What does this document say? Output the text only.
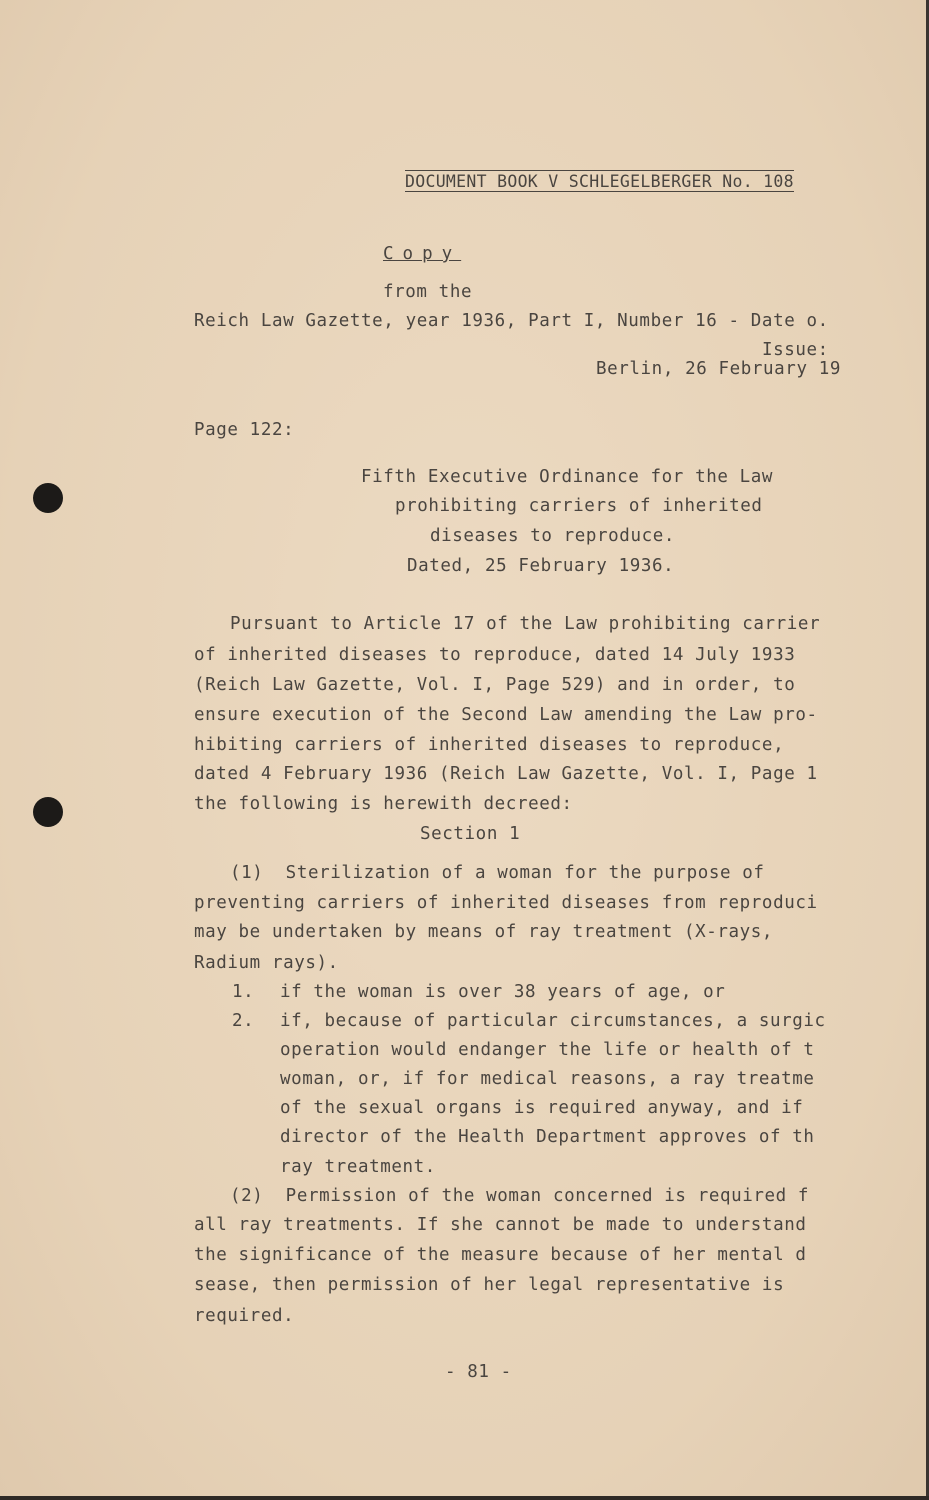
DOCUMENT BOOK V SCHLEGELBERGER No. 108
Copy
from the
Reich Law Gazette, year 1936, Part I, Number 16 - Date o.
Issue:
Berlin, 26 February 19
Page 122:
Fifth Executive Ordinance for the Law
prohibiting carriers of inherited
diseases to reproduce.
Dated, 25 February 1936.
Pursuant to Article 17 of the Law prohibiting carrier
of inherited diseases to reproduce, dated 14 July 1933
(Reich Law Gazette, Vol. I, Page 529) and in order, to
ensure execution of the Second Law amending the Law pro-
hibiting carriers of inherited diseases to reproduce,
dated 4 February 1936 (Reich Law Gazette, Vol. I, Page 1
the following is herewith decreed:
Section 1
(1)  Sterilization of a woman for the purpose of
preventing carriers of inherited diseases from reproduci
may be undertaken by means of ray treatment (X-rays,
Radium rays).
1. if the woman is over 38 years of age, or
2. if, because of particular circumstances, a surgic
operation would endanger the life or health of t
woman, or, if for medical reasons, a ray treatme
of the sexual organs is required anyway, and if
director of the Health Department approves of th
ray treatment.
(2)  Permission of the woman concerned is required f
all ray treatments. If she cannot be made to understand
the significance of the measure because of her mental d
sease, then permission of her legal representative is
required.
- 81 -
